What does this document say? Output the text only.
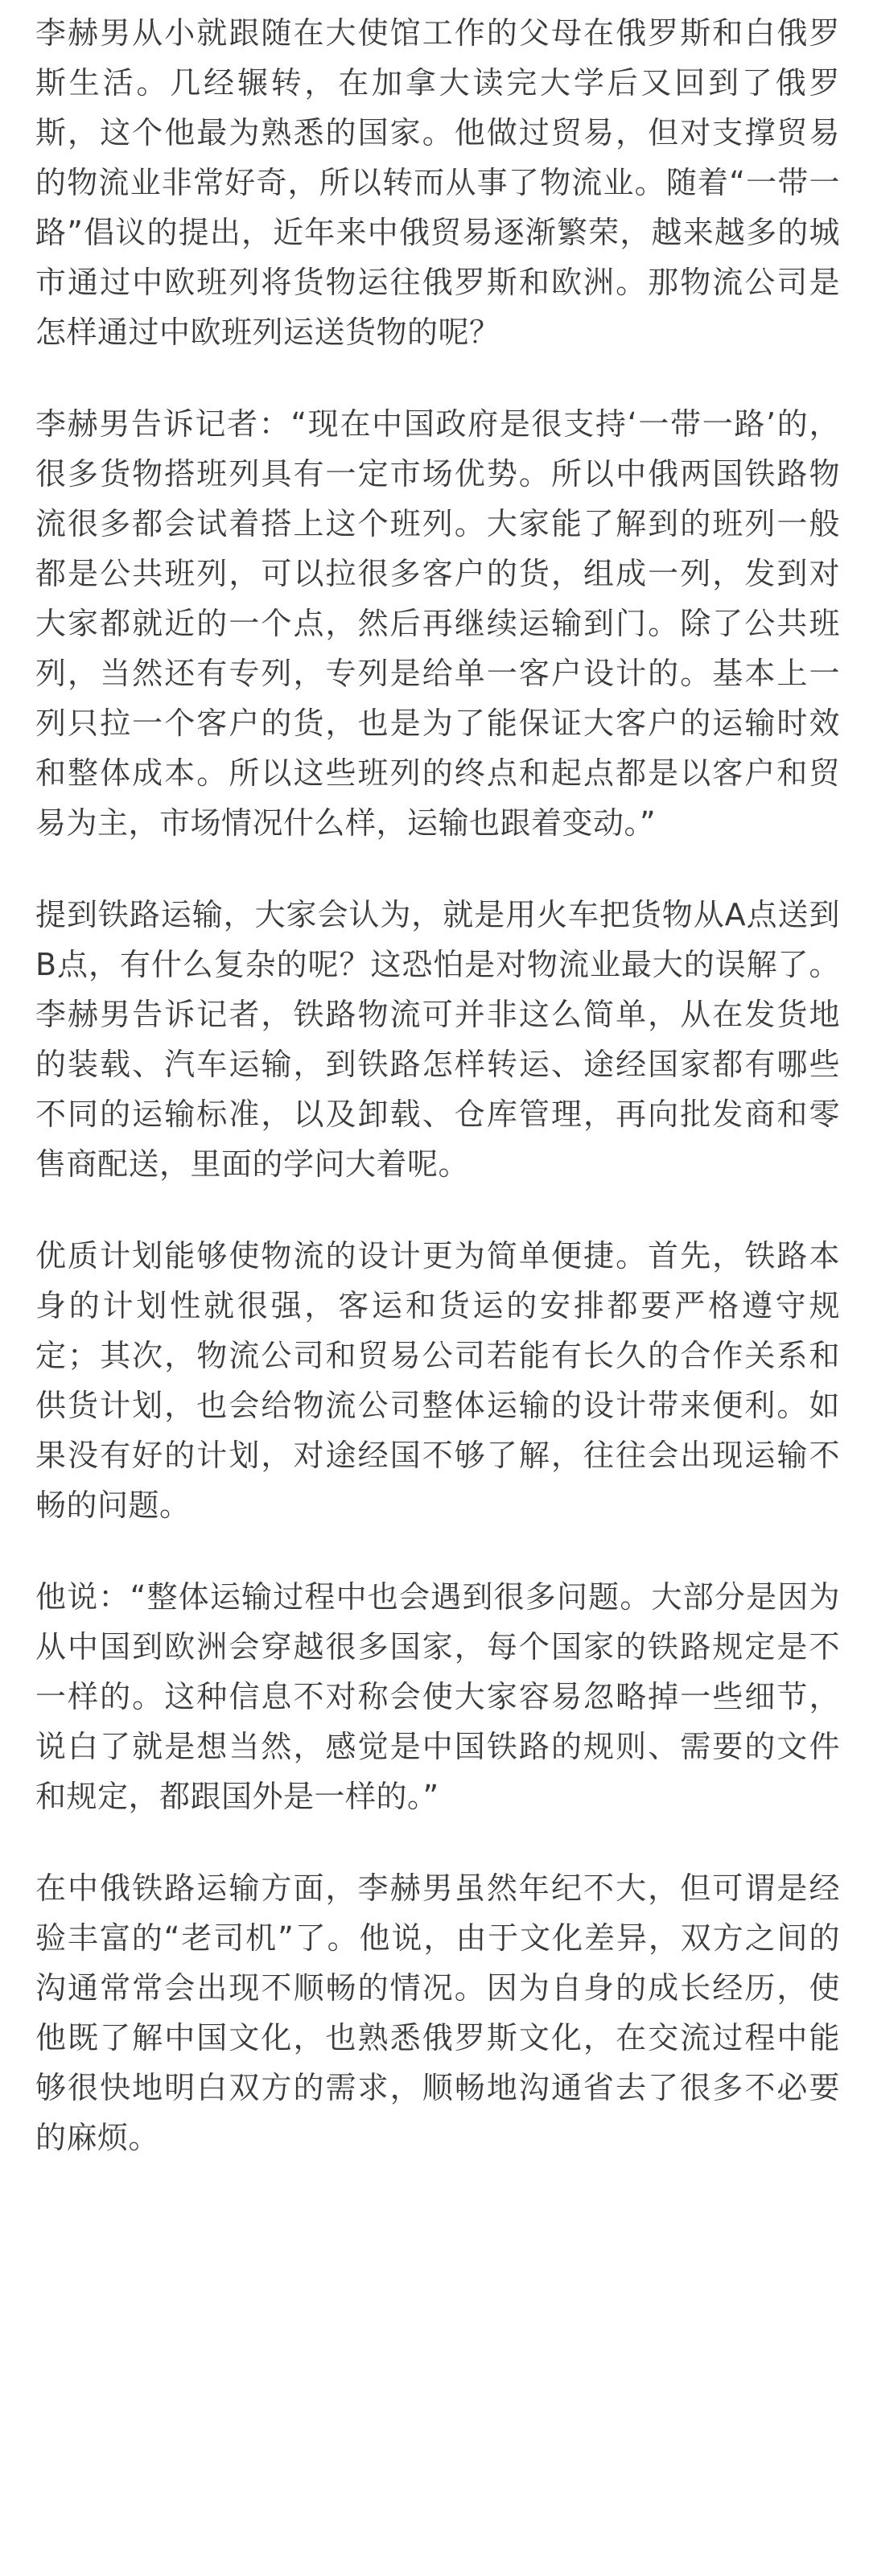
李赫男从小就跟随在大使馆工作的父母在俄罗斯和白俄罗斯生活。几经辗转，在加拿大读完大学后又回到了俄罗斯，这个他最为熟悉的国家。他做过贸易，但对支撑贸易的物流业非常好奇，所以转而从事了物流业。随着“一带一路”倡议的提出，近年来中俄贸易逐渐繁荣，越来越多的城市通过中欧班列将货物运往俄罗斯和欧洲。那物流公司是怎样通过中欧班列运送货物的呢？

李赫男告诉记者：“现在中国政府是很支持‘一带一路’的，很多货物搭班列具有一定市场优势。所以中俄两国铁路物流很多都会试着搭上这个班列。大家能了解到的班列一般都是公共班列，可以拉很多客户的货，组成一列，发到对大家都就近的一个点，然后再继续运输到门。除了公共班列，当然还有专列，专列是给单一客户设计的。基本上一列只拉一个客户的货，也是为了能保证大客户的运输时效和整体成本。所以这些班列的终点和起点都是以客户和贸易为主，市场情况什么样，运输也跟着变动。”

提到铁路运输，大家会认为，就是用火车把货物从A点送到B点，有什么复杂的呢？这恐怕是对物流业最大的误解了。李赫男告诉记者，铁路物流可并非这么简单，从在发货地的装载、汽车运输，到铁路怎样转运、途经国家都有哪些不同的运输标准，以及卸载、仓库管理，再向批发商和零售商配送，里面的学问大着呢。

优质计划能够使物流的设计更为简单便捷。首先，铁路本身的计划性就很强，客运和货运的安排都要严格遵守规定；其次，物流公司和贸易公司若能有长久的合作关系和供货计划，也会给物流公司整体运输的设计带来便利。如果没有好的计划，对途经国不够了解，往往会出现运输不畅的问题。

他说：“整体运输过程中也会遇到很多问题。大部分是因为从中国到欧洲会穿越很多国家，每个国家的铁路规定是不一样的。这种信息不对称会使大家容易忽略掉一些细节，说白了就是想当然，感觉是中国铁路的规则、需要的文件和规定，都跟国外是一样的。”

在中俄铁路运输方面，李赫男虽然年纪不大，但可谓是经验丰富的“老司机”了。他说，由于文化差异，双方之间的沟通常常会出现不顺畅的情况。因为自身的成长经历，使他既了解中国文化，也熟悉俄罗斯文化，在交流过程中能够很快地明白双方的需求，顺畅地沟通省去了很多不必要的麻烦。
